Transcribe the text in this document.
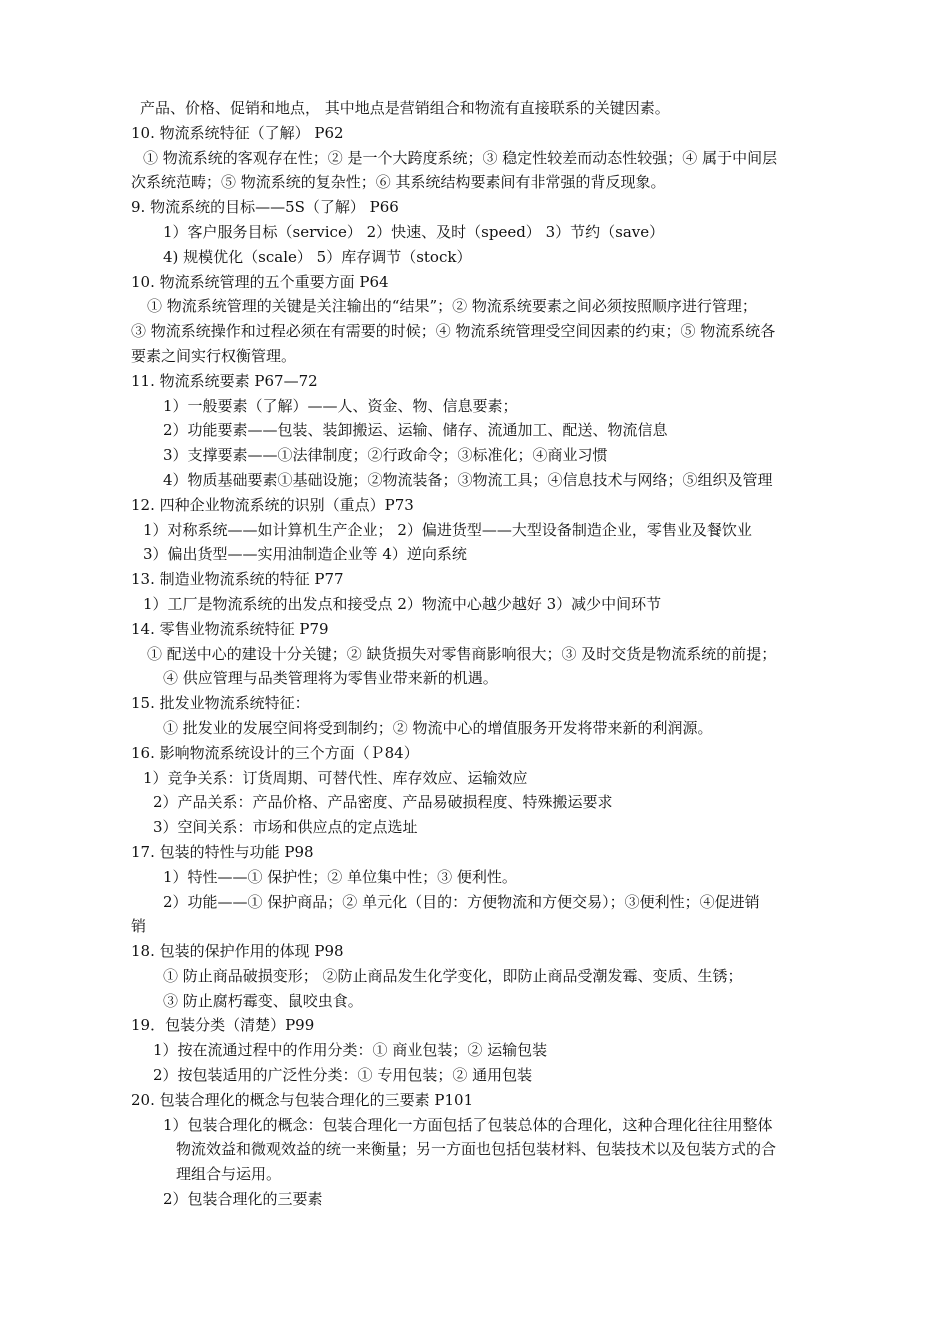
产品、价格、促销和地点， 其中地点是营销组合和物流有直接联系的关键因素。
10. 物流系统特征（了解） P62
① 物流系统的客观存在性；② 是一个大跨度系统；③ 稳定性较差而动态性较强；④ 属于中间层
次系统范畴；⑤ 物流系统的复杂性；⑥ 其系统结构要素间有非常强的背反现象。
9. 物流系统的目标——5S（了解） P66
1）客户服务目标（service） 2）快速、及时（speed） 3）节约（save）
4) 规模优化（scale） 5）库存调节（stock）
10. 物流系统管理的五个重要方面 P64
① 物流系统管理的关键是关注输出的“结果”；② 物流系统要素之间必须按照顺序进行管理；
③ 物流系统操作和过程必须在有需要的时候；④ 物流系统管理受空间因素的约束；⑤ 物流系统各
要素之间实行权衡管理。
11. 物流系统要素 P67—72
1）一般要素（了解）——人、资金、物、信息要素；
2）功能要素——包装、装卸搬运、运输、储存、流通加工、配送、物流信息
3）支撑要素——①法律制度；②行政命令；③标准化；④商业习惯
4）物质基础要素①基础设施；②物流装备；③物流工具；④信息技术与网络；⑤组织及管理
12. 四种企业物流系统的识别（重点）P73
1）对称系统——如计算机生产企业； 2）偏进货型——大型设备制造企业，零售业及餐饮业
3）偏出货型——实用油制造企业等 4）逆向系统
13. 制造业物流系统的特征 P77
1）工厂是物流系统的出发点和接受点 2）物流中心越少越好 3）减少中间环节
14. 零售业物流系统特征 P79
① 配送中心的建设十分关键；② 缺货损失对零售商影响很大；③ 及时交货是物流系统的前提；
④ 供应管理与品类管理将为零售业带来新的机遇。
15. 批发业物流系统特征：
① 批发业的发展空间将受到制约；② 物流中心的增值服务开发将带来新的利润源。
16. 影响物流系统设计的三个方面（Ｐ84）
1）竞争关系：订货周期、可替代性、库存效应、运输效应
2）产品关系：产品价格、产品密度、产品易破损程度、特殊搬运要求
3）空间关系：市场和供应点的定点选址
17. 包装的特性与功能 P98
1）特性——① 保护性；② 单位集中性；③ 便利性。
2）功能——① 保护商品；② 单元化（目的：方便物流和方便交易）；③便利性；④促进销
销
18. 包装的保护作用的体现 P98
① 防止商品破损变形； ②防止商品发生化学变化，即防止商品受潮发霉、变质、生锈；
③ 防止腐朽霉变、鼠咬虫食。
19．包装分类（清楚）P99
1）按在流通过程中的作用分类：① 商业包装；② 运输包装
2）按包装适用的广泛性分类：① 专用包装；② 通用包装
20. 包装合理化的概念与包装合理化的三要素 P101
1）包装合理化的概念：包装合理化一方面包括了包装总体的合理化，这种合理化往往用整体
物流效益和微观效益的统一来衡量；另一方面也包括包装材料、包装技术以及包装方式的合
理组合与运用。
2）包装合理化的三要素
